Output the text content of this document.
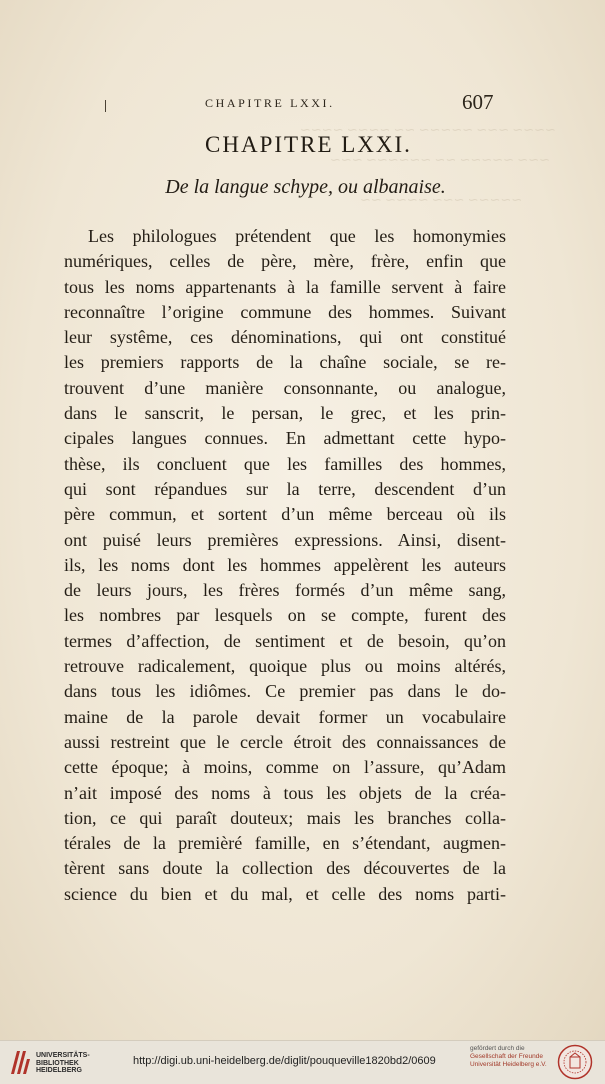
∼∼∼∼ ∼∼∼ ∼∼∼∼∼ ∼∼ ∼∼∼∼ ∼∼∼∼
∼∼∼ ∼∼∼∼∼ ∼∼ ∼∼∼∼∼∼ ∼∼∼
∼∼∼∼∼ ∼∼∼ ∼∼∼∼ ∼∼
CHAPITRE LXXI.	607
CHAPITRE LXXI.
De la langue schype, ou albanaise.
Les philologues prétendent que les homonymies
numériques, celles de père, mère, frère, enfin que
tous les noms appartenants à la famille servent à faire
reconnaître l’origine commune des hommes. Suivant
leur systême, ces dénominations, qui ont constitué
les premiers rapports de la chaîne sociale, se re-
trouvent d’une manière consonnante, ou analogue,
dans le sanscrit, le persan, le grec, et les prin-
cipales langues connues. En admettant cette hypo-
thèse, ils concluent que les familles des hommes,
qui sont répandues sur la terre, descendent d’un
père commun, et sortent d’un même berceau où ils
ont puisé leurs premières expressions. Ainsi, disent-
ils, les noms dont les hommes appelèrent les auteurs
de leurs jours, les frères formés d’un même sang,
les nombres par lesquels on se compte, furent des
termes d’affection, de sentiment et de besoin, qu’on
retrouve radicalement, quoique plus ou moins altérés,
dans tous les idiômes. Ce premier pas dans le do-
maine de la parole devait former un vocabulaire
aussi restreint que le cercle étroit des connaissances de
cette époque; à moins, comme on l’assure, qu’Adam
n’ait imposé des noms à tous les objets de la créa-
tion, ce qui paraît douteux; mais les branches colla-
térales de la premièré famille, en s’étendant, augmen-
tèrent sans doute la collection des découvertes de la
science du bien et du mal, et celle des noms parti-
UNIVERSITÄTS-
BIBLIOTHEK
HEIDELBERG
http://digi.ub.uni-heidelberg.de/diglit/pouqueville1820bd2/0609
gefördert durch die
Gesellschaft der Freunde
Universität Heidelberg e.V.
